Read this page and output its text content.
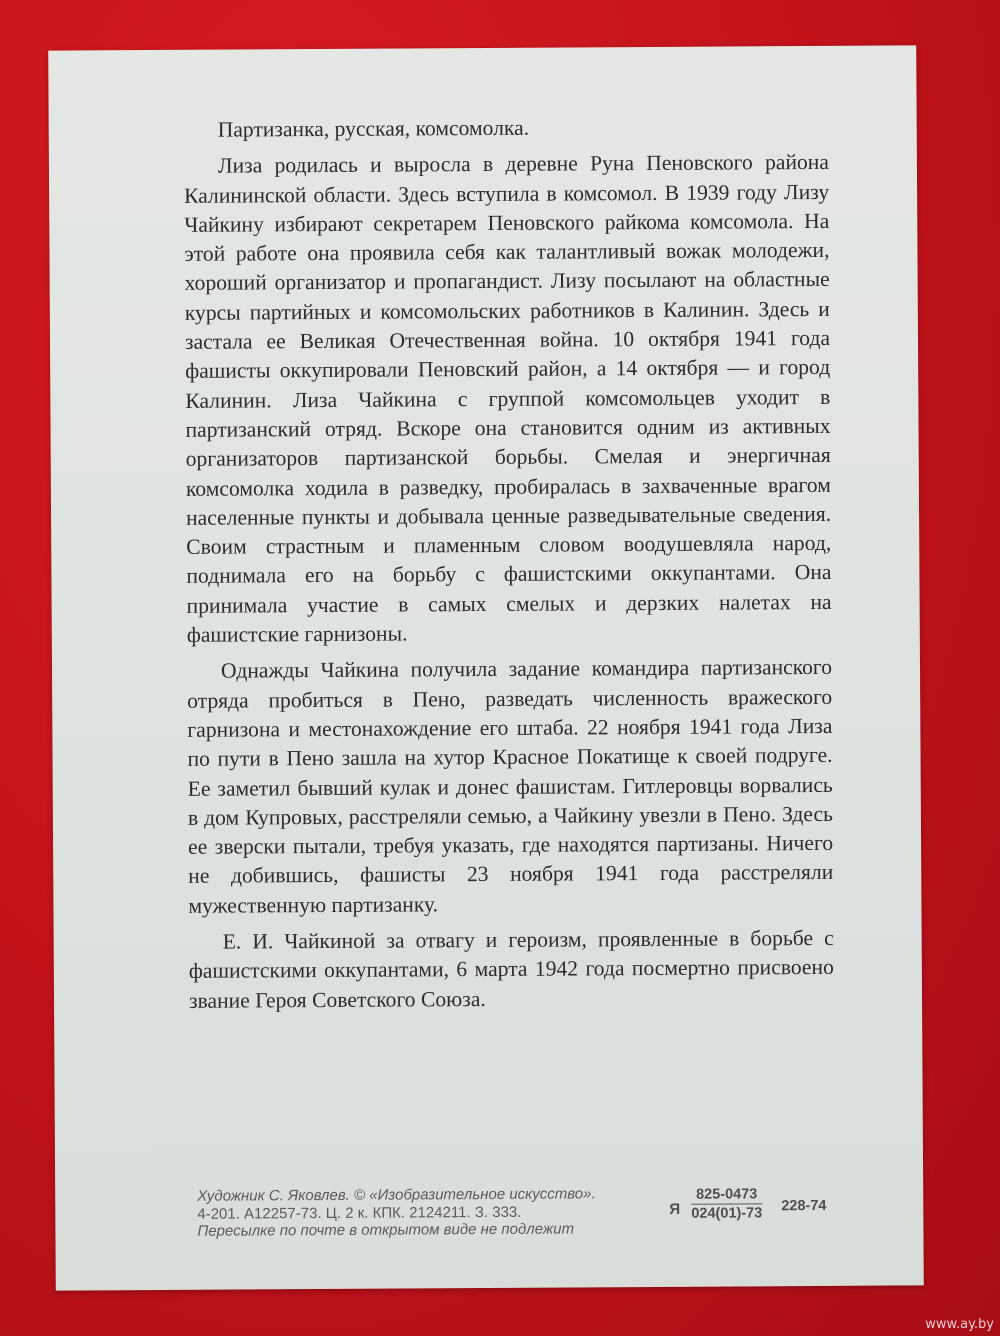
Партизанка, русская, комсомолка.

Лиза родилась и выросла в деревне Руна Пеновского района Калининской области. Здесь вступила в комсомол. В 1939 году Лизу Чайкину избирают секретарем Пеновского райкома комсомола. На этой работе она проявила себя как талантливый вожак молодежи, хороший организатор и пропагандист. Лизу посылают на областные курсы партийных и комсомольских работников в Калинин. Здесь и застала ее Великая Отечественная война. 10 октября 1941 года фашисты оккупировали Пеновский район, а 14 октября — и город Калинин. Лиза Чайкина с группой комсомольцев уходит в партизанский отряд. Вскоре она становится одним из активных организаторов партизанской борьбы. Смелая и энергичная комсомолка ходила в разведку, пробиралась в захваченные врагом населенные пункты и добывала ценные разведывательные сведения. Своим страстным и пламенным словом воодушевляла народ, поднимала его на борьбу с фашистскими оккупантами. Она принимала участие в самых смелых и дерзких налетах на фашистские гарнизоны.

Однажды Чайкина получила задание командира партизанского отряда пробиться в Пено, разведать численность вражеского гарнизона и местонахождение его штаба. 22 ноября 1941 года Лиза по пути в Пено зашла на хутор Красное Покатище к своей подруге. Ее заметил бывший кулак и донес фашистам. Гитлеровцы ворвались в дом Купровых, расстреляли семью, а Чайкину увезли в Пено. Здесь ее зверски пытали, требуя указать, где находятся партизаны. Ничего не добившись, фашисты 23 ноября 1941 года расстреляли мужественную партизанку.

Е. И. Чайкиной за отвагу и героизм, проявленные в борьбе с фашистскими оккупантами, 6 марта 1942 года посмертно присвоено звание Героя Советского Союза.

Художник С. Яковлев. © «Изобразительное искусство».
4-201. А12257-73. Ц. 2 к. КПК. 2124211. З. 333.
Пересылке по почте в открытом виде не подлежит
Я $\frac{825-0473}{024(01)-73} 228-74$
www.ay.by
